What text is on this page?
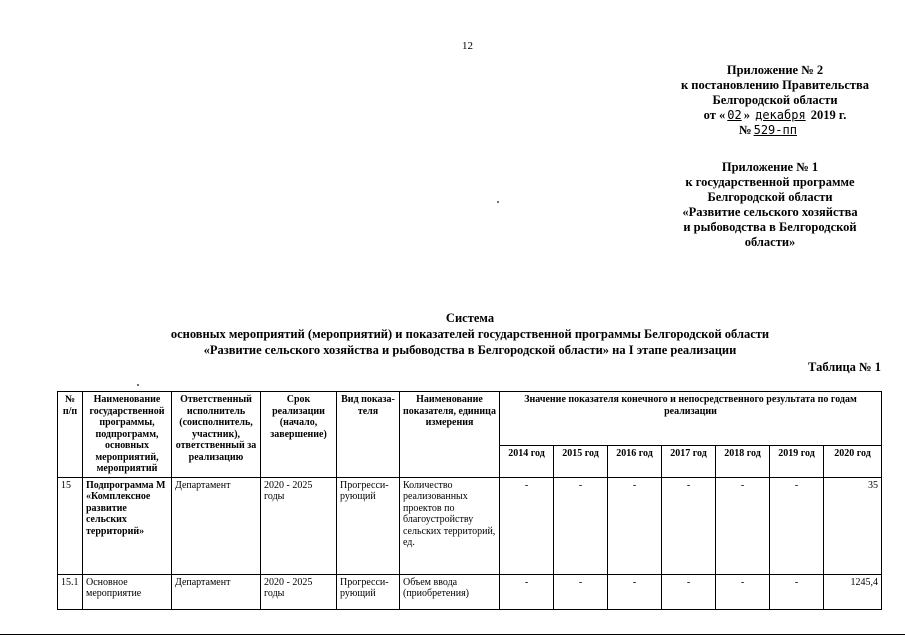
12
Приложение № 2
к постановлению Правительства
Белгородской области
от « 02 » декабря 2019 г.
№ 529-пп
Приложение № 1
к государственной программе
Белгородской области
«Развитие сельского хозяйства
и рыбоводства в Белгородской
области»
Система
основных мероприятий (мероприятий) и показателей государственной программы Белгородской области
«Развитие сельского хозяйства и рыбоводства в Белгородской области» на I этапе реализации
Таблица № 1
№ п/п	Наименование государственной программы, подпрограмм, основных мероприятий, мероприятий	Ответственный исполнитель (соисполнитель, участник), ответственный за реализацию	Срок реализации (начало, завершение)	Вид показа-теля	Наименование показателя, единица измерения	Значение показателя конечного и непосредственного результата по годам реализации						
						2014 год	2015 год	2016 год	2017 год	2018 год	2019 год	2020 год
15	Подпрограмма М «Комплексное развитие сельских территорий»	Департамент	2020 - 2025 годы	Прогресси-рующий	Количество реализованных проектов по благоустройству сельских территорий, ед.	-	-	-	-	-	-	35
15.1	Основное мероприятие	Департамент	2020 - 2025 годы	Прогресси-рующий	Объем ввода (приобретения)	-	-	-	-	-	-	1245,4
